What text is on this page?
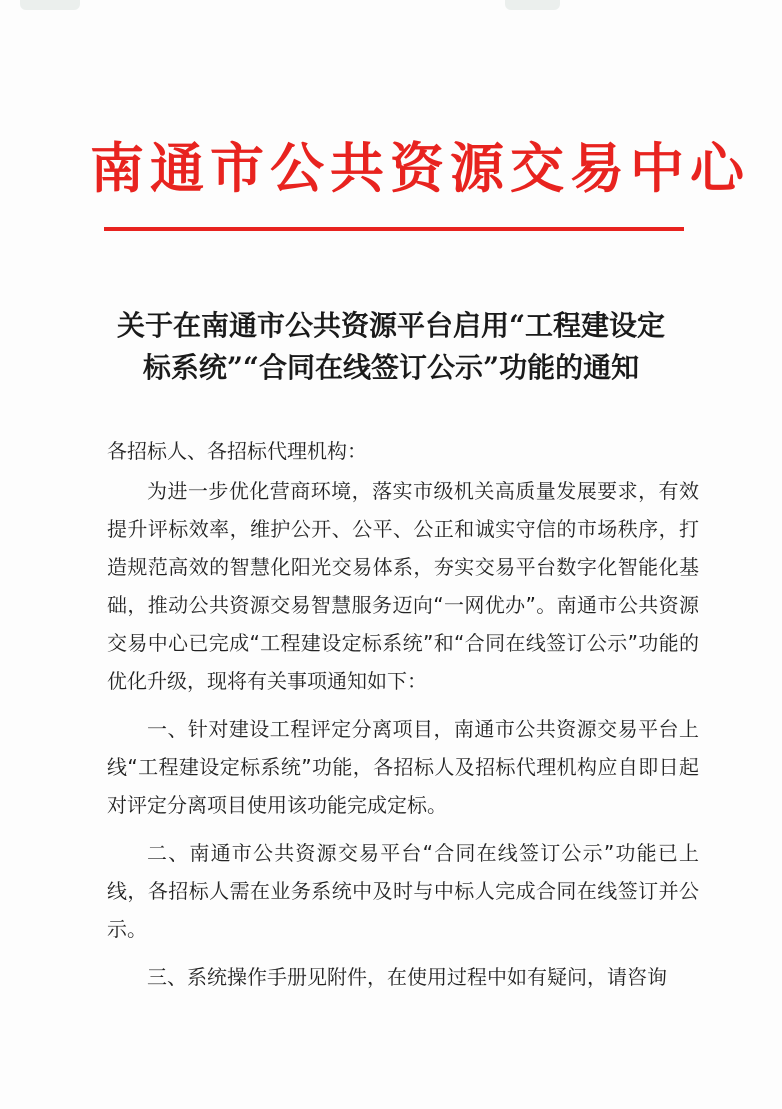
南通市公共资源交易中心
关于在南通市公共资源平台启用“工程建设定
标系统”“合同在线签订公示”功能的通知

各招标人、各招标代理机构：

为进一步优化营商环境，落实市级机关高质量发展要求，有效提升评标效率，维护公开、公平、公正和诚实守信的市场秩序，打造规范高效的智慧化阳光交易体系，夯实交易平台数字化智能化基础，推动公共资源交易智慧服务迈向“一网优办”。南通市公共资源交易中心已完成“工程建设定标系统”和“合同在线签订公示”功能的优化升级，现将有关事项通知如下：

一、针对建设工程评定分离项目，南通市公共资源交易平台上线“工程建设定标系统”功能，各招标人及招标代理机构应自即日起对评定分离项目使用该功能完成定标。

二、南通市公共资源交易平台“合同在线签订公示”功能已上线，各招标人需在业务系统中及时与中标人完成合同在线签订并公示。

三、系统操作手册见附件，在使用过程中如有疑问，请咨询
